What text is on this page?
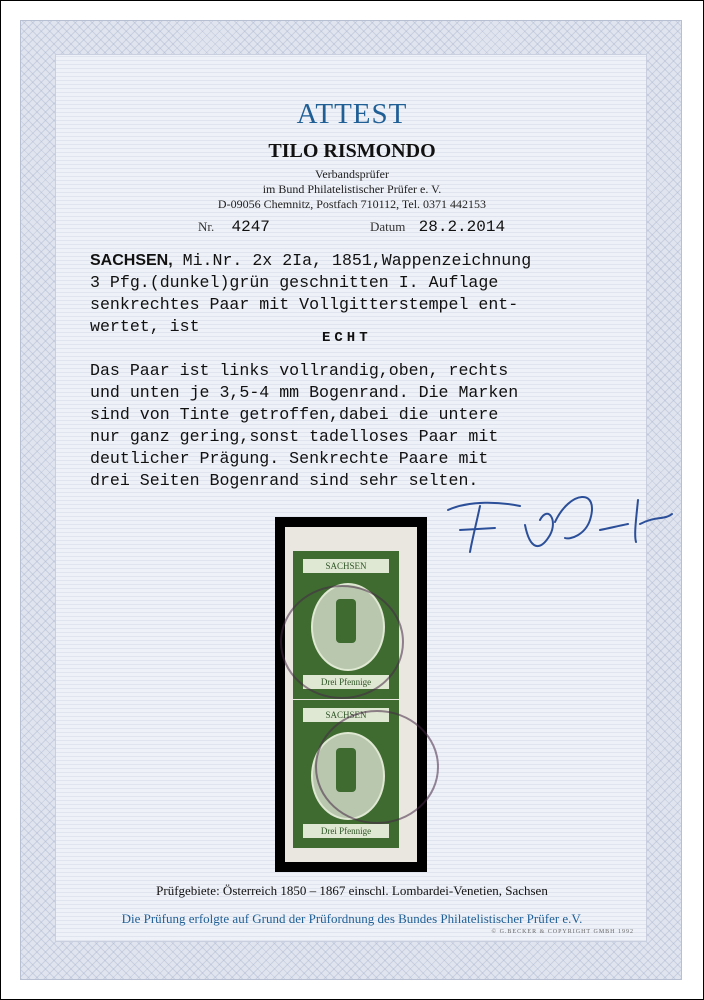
ATTEST
TILO RISMONDO
Verbandsprüfer
im Bund Philatelistischer Prüfer e. V.
D-09056 Chemnitz, Postfach 710112, Tel. 0371 442153
Nr. 4247	Datum 28.2.2014
SACHSEN, Mi.Nr. 2x 2Ia, 1851,Wappenzeichnung
3 Pfg.(dunkel)grün geschnitten I. Auflage
senkrechtes Paar mit Vollgitterstempel ent-
wertet, ist
ECHT
Das Paar ist links vollrandig,oben, rechts
und unten je 3,5-4 mm Bogenrand. Die Marken
sind von Tinte getroffen,dabei die untere
nur ganz gering,sonst tadelloses Paar mit
deutlicher Prägung. Senkrechte Paare mit
drei Seiten Bogenrand sind sehr selten.
SACHSEN
Drei Pfennige
SACHSEN
Drei Pfennige
Prüfgebiete: Österreich 1850 – 1867 einschl. Lombardei-Venetien, Sachsen
Die Prüfung erfolgte auf Grund der Prüfordnung des Bundes Philatelistischer Prüfer e.V.
© G.BECKER & COPYRIGHT GMBH 1992
